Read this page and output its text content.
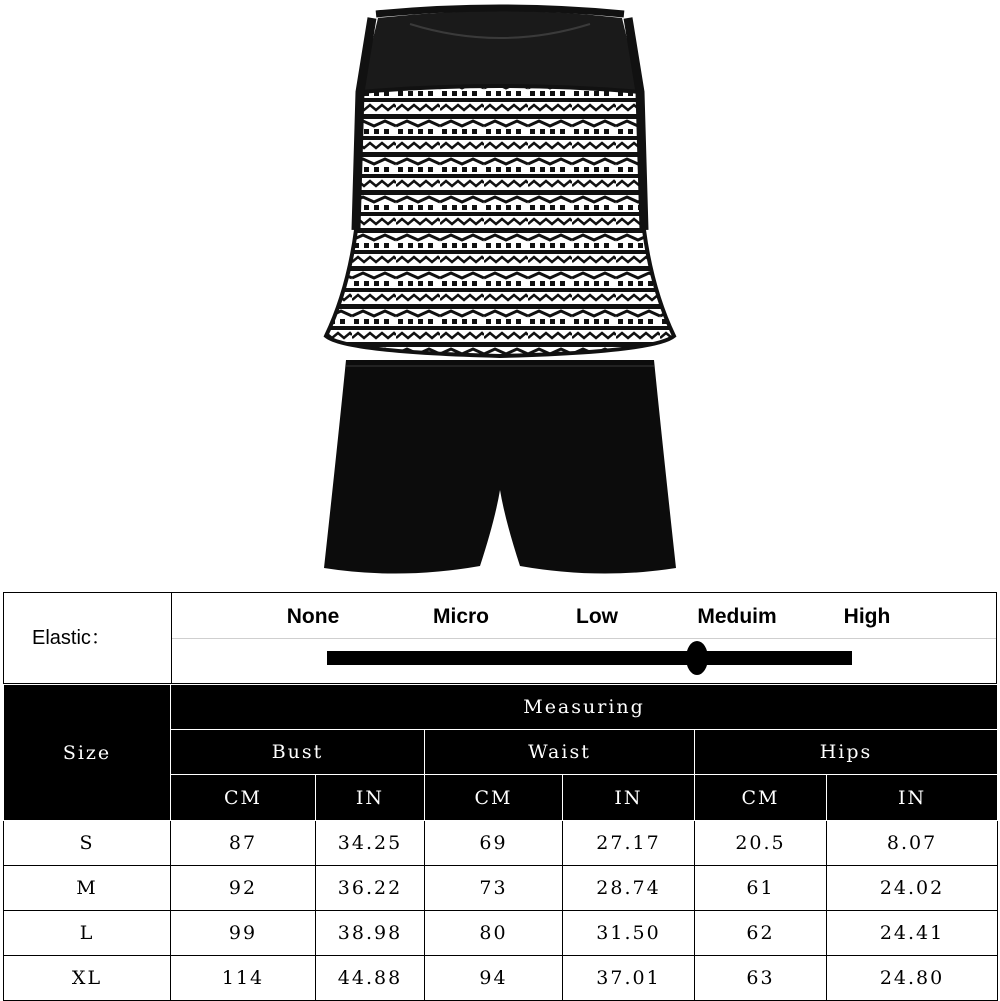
Elastic：
None	Micro	Low	Meduim	High
Size	Measuring					
	Bust		Waist		Hips	
	CM	IN	CM	IN	CM	IN
S	87	34.25	69	27.17	20.5	8.07
M	92	36.22	73	28.74	61	24.02
L	99	38.98	80	31.50	62	24.41
XL	114	44.88	94	37.01	63	24.80
